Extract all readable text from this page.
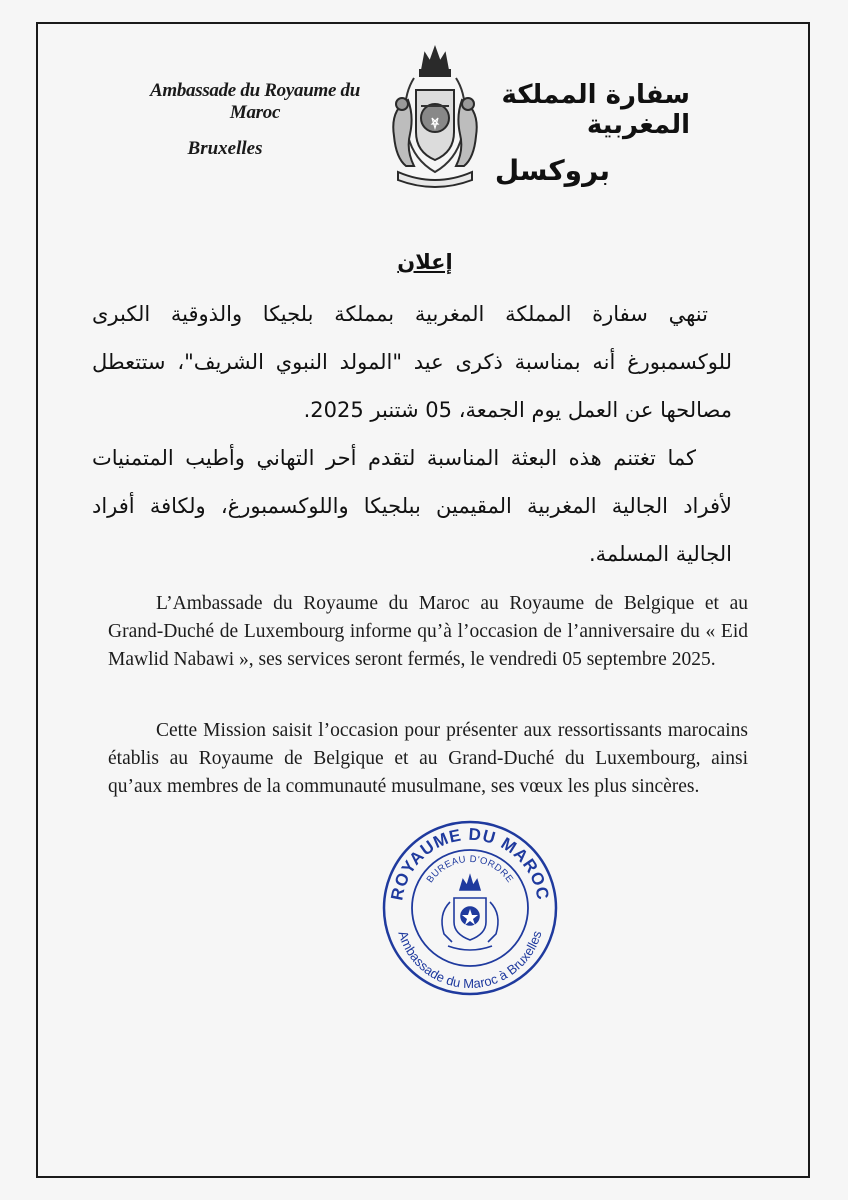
Ambassade du Royaume du Maroc
Bruxelles
سفارة المملكة المغربية
بروكسل
إعلان

تنهي سفارة المملكة المغربية بمملكة بلجيكا والذوقية الكبرى للوكسمبورغ أنه بمناسبة ذكرى عيد "المولد النبوي الشريف"، ستتعطل مصالحها عن العمل يوم الجمعة، 05 شتنبر 2025.

كما تغتنم هذه البعثة المناسبة لتقدم أحر التهاني وأطيب المتمنيات لأفراد الجالية المغربية المقيمين ببلجيكا واللوكسمبورغ، ولكافة أفراد الجالية المسلمة.

L’Ambassade du Royaume du Maroc au Royaume de Belgique et au Grand-Duché de Luxembourg informe qu’à l’occasion de l’anniversaire du « Eid Mawlid Nabawi », ses services seront fermés, le vendredi 05 septembre 2025.

Cette Mission saisit l’occasion pour présenter aux ressortissants marocains établis au Royaume de Belgique et au Grand-Duché du Luxembourg, ainsi qu’aux membres de la communauté musulmane, ses vœux les plus sincères.

ROYAUME DU MAROC
Ambassade du Maroc à Bruxelles
BUREAU D'ORDRE
